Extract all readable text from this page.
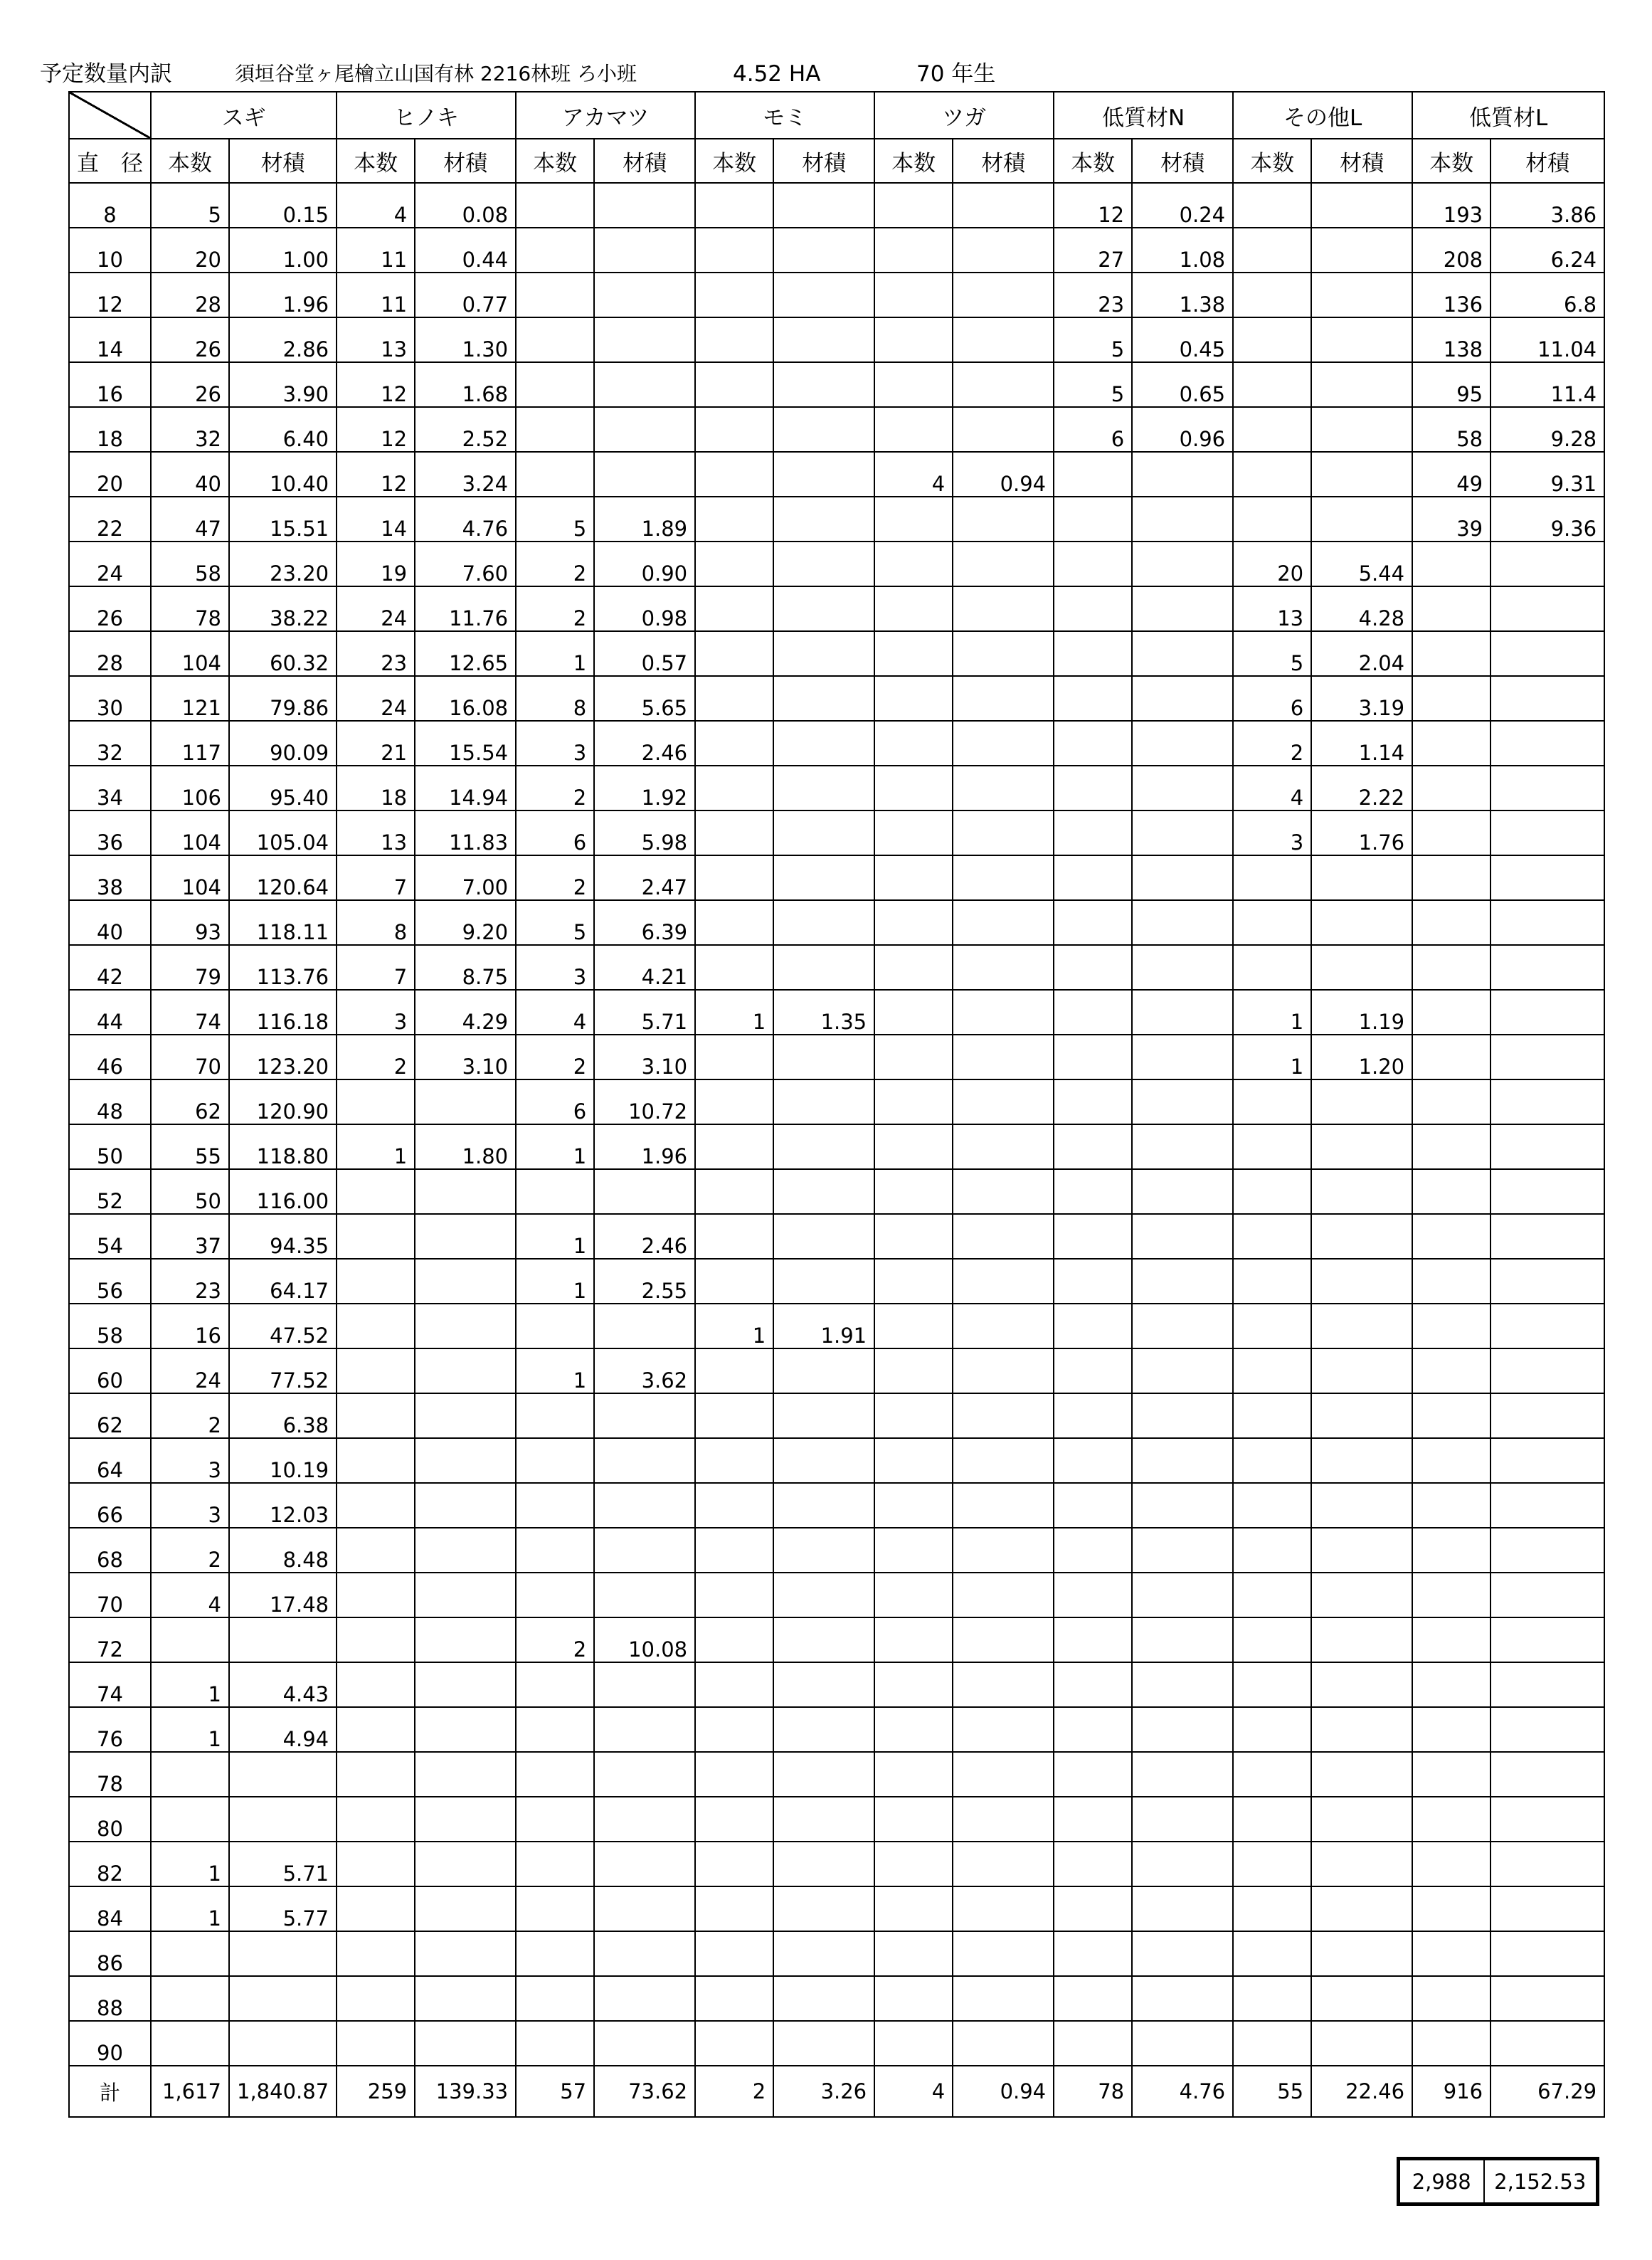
予定数量内訳	須垣谷堂ヶ尾檜立山国有林 2216林班 ろ小班	4.52 HA	70 年生
	スギ		ヒノキ		アカマツ		モミ		ツガ		低質材N		その他L		低質材L	
直　径	本数	材積	本数	材積	本数	材積	本数	材積	本数	材積	本数	材積	本数	材積	本数	材積
8	5	0.15	4	0.08							12	0.24			193	3.86
10	20	1.00	11	0.44							27	1.08			208	6.24
12	28	1.96	11	0.77							23	1.38			136	6.8
14	26	2.86	13	1.30							5	0.45			138	11.04
16	26	3.90	12	1.68							5	0.65			95	11.4
18	32	6.40	12	2.52							6	0.96			58	9.28
20	40	10.40	12	3.24					4	0.94					49	9.31
22	47	15.51	14	4.76	5	1.89									39	9.36
24	58	23.20	19	7.60	2	0.90							20	5.44		
26	78	38.22	24	11.76	2	0.98							13	4.28		
28	104	60.32	23	12.65	1	0.57							5	2.04		
30	121	79.86	24	16.08	8	5.65							6	3.19		
32	117	90.09	21	15.54	3	2.46							2	1.14		
34	106	95.40	18	14.94	2	1.92							4	2.22		
36	104	105.04	13	11.83	6	5.98							3	1.76		
38	104	120.64	7	7.00	2	2.47										
40	93	118.11	8	9.20	5	6.39										
42	79	113.76	7	8.75	3	4.21										
44	74	116.18	3	4.29	4	5.71	1	1.35					1	1.19		
46	70	123.20	2	3.10	2	3.10							1	1.20		
48	62	120.90			6	10.72										
50	55	118.80	1	1.80	1	1.96										
52	50	116.00														
54	37	94.35			1	2.46										
56	23	64.17			1	2.55										
58	16	47.52					1	1.91								
60	24	77.52			1	3.62										
62	2	6.38														
64	3	10.19														
66	3	12.03														
68	2	8.48														
70	4	17.48														
72					2	10.08										
74	1	4.43														
76	1	4.94														
78																
80																
82	1	5.71														
84	1	5.77														
86																
88																
90																
計	1,617	1,840.87	259	139.33	57	73.62	2	3.26	4	0.94	78	4.76	55	22.46	916	67.29
2,988	2,152.53
